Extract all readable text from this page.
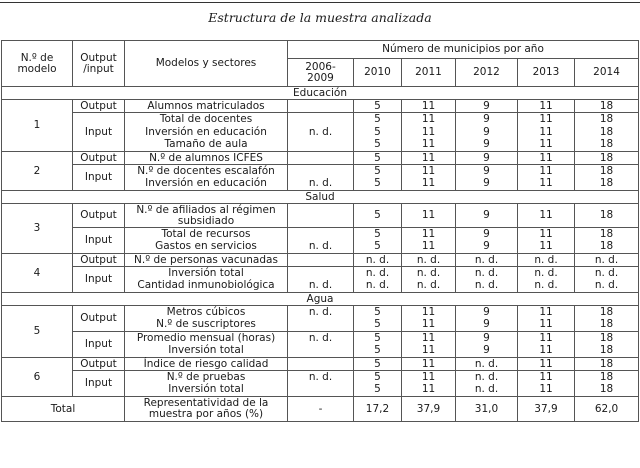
Estructura de la muestra analizada
N.º de
modelo	Output
/input	Modelos y sectores	Número de municipios por año					
			2006-
2009	2010	2011	2012	2013	2014
Educación								
1	Output	Alumnos matriculados		5	11	9	11	18
	Input	Total de docentes		5	11	9	11	18
		Inversión en educación	n. d.	5	11	9	11	18
		Tamaño de aula		5	11	9	11	18
2	Output	N.º de alumnos ICFES		5	11	9	11	18
	Input	N.º de docentes escalafón		5	11	9	11	18
		Inversión en educación	n. d.	5	11	9	11	18
Salud								
3	Output	N.º de afiliados al régimen
subsidiado		5	11	9	11	18
	Input	Total de recursos		5	11	9	11	18
		Gastos en servicios	n. d.	5	11	9	11	18
4	Output	N.º de personas vacunadas		n. d.	n. d.	n. d.	n. d.	n. d.
	Input	Inversión total		n. d.	n. d.	n. d.	n. d.	n. d.
		Cantidad inmunobiológica	n. d.	n. d.	n. d.	n. d.	n. d.	n. d.
Agua								
5	Output	Metros cúbicos	n. d.	5	11	9	11	18
		N.º de suscriptores		5	11	9	11	18
	Input	Promedio mensual (horas)	n. d.	5	11	9	11	18
		Inversión total		5	11	9	11	18
6	Output	Índice de riesgo calidad		5	11	n. d.	11	18
	Input	N.º de pruebas	n. d.	5	11	n. d.	11	18
		Inversión total		5	11	n. d.	11	18
Total		Representatividad de la
muestra por años (%)	-	17,2	37,9	31,0	37,9	62,0
